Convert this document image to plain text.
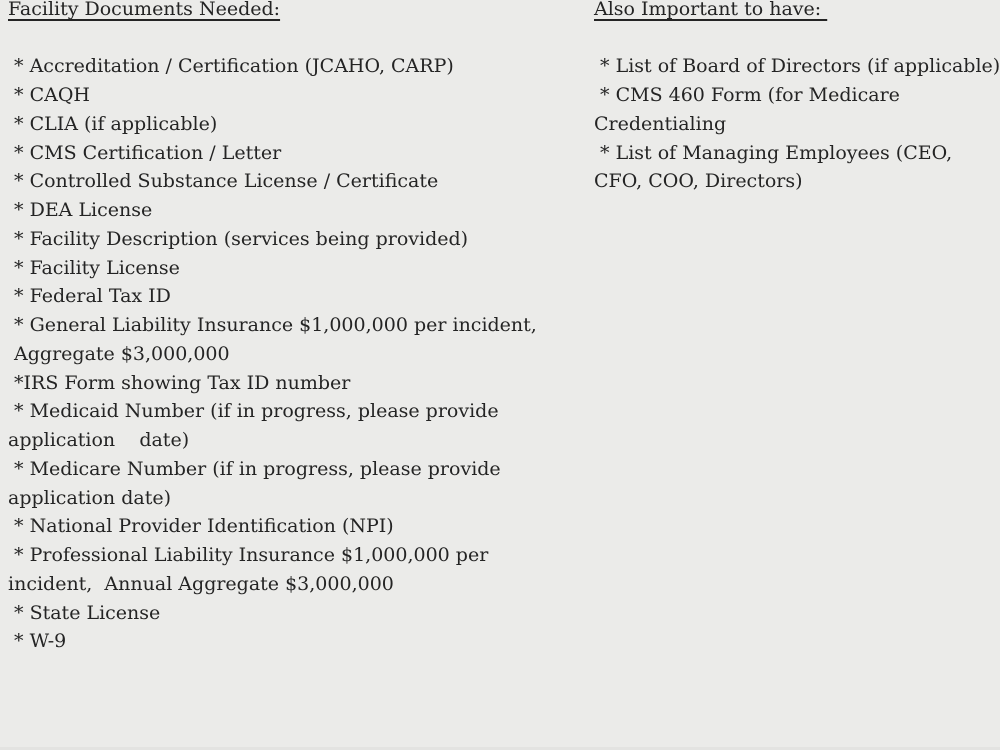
Facility Documents Needed:
* Accreditation / Certification (JCAHO, CARP)
* CAQH
* CLIA (if applicable)
* CMS Certification / Letter
* Controlled Substance License / Certificate
* DEA License
* Facility Description (services being provided)
* Facility License
* Federal Tax ID
* General Liability Insurance $1,000,000 per incident,
Aggregate $3,000,000
*IRS Form showing Tax ID number
* Medicaid Number (if in progress, please provide
application    date)
* Medicare Number (if in progress, please provide
application date)
* National Provider Identification (NPI)
* Professional Liability Insurance $1,000,000 per
incident,  Annual Aggregate $3,000,000
* State License
* W-9
Also Important to have:
* List of Board of Directors (if applicable)
* CMS 460 Form (for Medicare
Credentialing
* List of Managing Employees (CEO,
CFO, COO, Directors)
